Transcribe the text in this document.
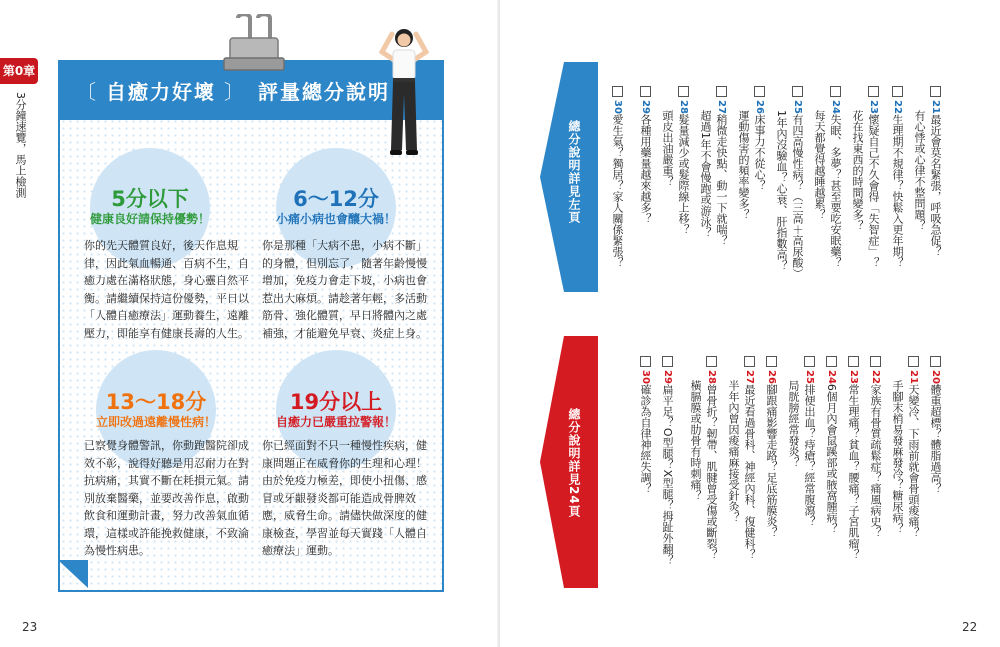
第0章
3分鐘速覽，馬上檢測 〔 自癒力好壞 〕 評量總分說明
5分以下
健康良好請保持優勢！
你的先天體質良好，後天作息規
律，因此氣血暢通、百病不生，自
癒力處在滿格狀態，身心靈自然平
衡。請繼續保持這份優勢，平日以
「人體自癒療法」運動養生，遠離
壓力，即能享有健康長壽的人生。
6～12分
小痛小病也會釀大禍！
你是那種「大病不患，小病不斷」
的身體，但別忘了，隨著年齡慢慢
增加，免疫力會走下坡，小病也會
惹出大麻煩。請趁著年輕，多活動
筋骨、強化體質，早日將體內之處
補強，才能避免早衰、炎症上身。
13～18分
立即改過遠離慢性病！
已察覺身體警訊，你動跑醫院卻成
效不彰，說得好聽是用忍耐力在對
抗病痛，其實不斷在耗損元氣。請
別放棄醫藥，並要改善作息，啟動
飲食和運動計畫，努力改善氣血循
環，這樣或許能挽救健康，不致淪
為慢性病患。
19分以上
自癒力已嚴重拉警報！
你已經面對不只一種慢性疾病，健
康問題正在威脅你的生理和心理！
由於免疫力極差，即使小扭傷、感
冒或牙齦發炎都可能造成骨脾效
應，威脅生命。請儘快做深度的健
康檢查，學習並每天實踐「人體自
癒療法」運動。
23
總分說明詳見左頁
總分說明詳見24頁
21最近會莫名緊張，呼吸急促？
有心悸或心律不整問題？
22生理期不規律？快鬆入更年期？
23懷疑自己不久會得「失智症」？
花在找東西的時間變多？
24失眠、多夢？甚至要吃安眠藥？
每天都覺得越睡越累？
25有四高慢性病？（三高＋高尿酸）
1年內沒驗血？心衰、肝指數高？
26床事力不從心？
運動傷害的頻率變多？
27稍微走快點、動一下就喘？
超過1年不會慢跑或游泳？
28髮量減少或髮際線上移？
頭皮出油嚴重？
29各種用藥量越來越多？
30愛生氣？獨居？家人關係緊張？
20體重超標？體脂過高？
21天變冷、下雨前就會骨頭痠痛？
手腳末梢易發麻發冷？糖尿病？
22家族有骨質疏鬆症？痛風病史？
23常生理痛？貧血？腰痛？子宮肌瘤？
246個月內會鼠蹊部或腋窩腫病？
25排便出血？痔瘡？經常腹瀉？
局胱膀經常發炎？
26腳跟痛影響走路？足底筋膜炎？
27最近看過骨科、神經內科、復健科？
半年內曾因痠痛麻接受針灸？
28曾骨折？韌帶、肌腱曾受傷或斷裂？
橫膈膜或肋骨有時刺痛？
29扁平足？O型腿？X型腿？拇趾外翻？
30確診為自律神經失調？
22
